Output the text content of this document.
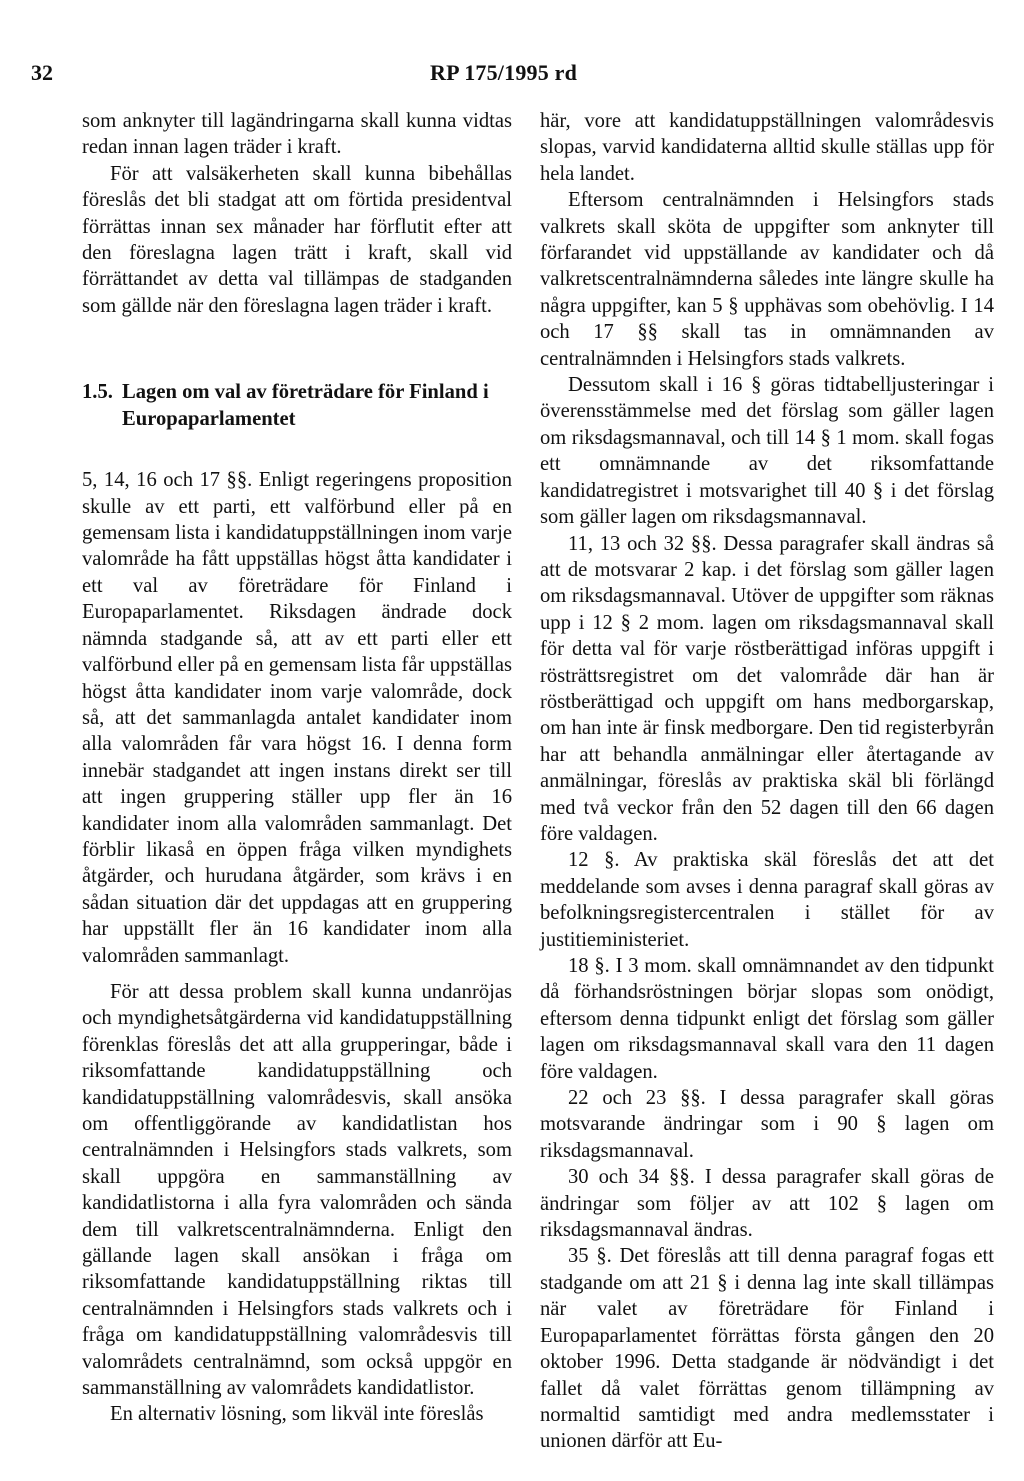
32	RP 175/1995 rd

som anknyter till lagändringarna skall kunna vidtas redan innan lagen träder i kraft.

För att valsäkerheten skall kunna bibehållas föreslås det bli stadgat att om förtida presidentval förrättas innan sex månader har förflutit efter att den föreslagna lagen trätt i kraft, skall vid förrättandet av detta val tillämpas de stadganden som gällde när den föreslagna lagen träder i kraft.

1.5. Lagen om val av företrädare för Finland i Europaparlamentet

5, 14, 16 och 17 §§. Enligt regeringens proposition skulle av ett parti, ett valförbund eller på en gemensam lista i kandidatuppställningen inom varje valområde ha fått uppställas högst åtta kandidater i ett val av företrädare för Finland i Europaparlamentet. Riksdagen ändrade dock nämnda stadgande så, att av ett parti eller ett valförbund eller på en gemensam lista får uppställas högst åtta kandidater inom varje valområde, dock så, att det sammanlagda antalet kandidater inom alla valområden får vara högst 16. I denna form innebär stadgandet att ingen instans direkt ser till att ingen gruppering ställer upp fler än 16 kandidater inom alla valområden sammanlagt. Det förblir likaså en öppen fråga vilken myndighets åtgärder, och hurudana åtgärder, som krävs i en sådan situation där det uppdagas att en gruppering har uppställt fler än 16 kandidater inom alla valområden sammanlagt.

För att dessa problem skall kunna undanröjas och myndighetsåtgärderna vid kandidatuppställning förenklas föreslås det att alla grupperingar, både i riksomfattande kandidatuppställning och kandidatuppställning valområdesvis, skall ansöka om offentliggörande av kandidatlistan hos centralnämnden i Helsingfors stads valkrets, som skall uppgöra en sammanställning av kandidatlistorna i alla fyra valområden och sända dem till valkretscentralnämnderna. Enligt den gällande lagen skall ansökan i fråga om riksomfattande kandidatuppställning riktas till centralnämnden i Helsingfors stads valkrets och i fråga om kandidatuppställning valområdesvis till valområdets centralnämnd, som också uppgör en sammanställning av valområdets kandidatlistor.

En alternativ lösning, som likväl inte föreslås

här, vore att kandidatuppställningen valområdesvis slopas, varvid kandidaterna alltid skulle ställas upp för hela landet.

Eftersom centralnämnden i Helsingfors stads valkrets skall sköta de uppgifter som anknyter till förfarandet vid uppställande av kandidater och då valkretscentralnämnderna således inte längre skulle ha några uppgifter, kan 5 § upphävas som obehövlig. I 14 och 17 §§ skall tas in omnämnanden av centralnämnden i Helsingfors stads valkrets.

Dessutom skall i 16 § göras tidtabelljusteringar i överensstämmelse med det förslag som gäller lagen om riksdagsmannaval, och till 14 § 1 mom. skall fogas ett omnämnande av det riksomfattande kandidatregistret i motsvarighet till 40 § i det förslag som gäller lagen om riksdagsmannaval.

11, 13 och 32 §§. Dessa paragrafer skall ändras så att de motsvarar 2 kap. i det förslag som gäller lagen om riksdagsmannaval. Utöver de uppgifter som räknas upp i 12 § 2 mom. lagen om riksdagsmannaval skall för detta val för varje röstberättigad införas uppgift i rösträttsregistret om det valområde där han är röstberättigad och uppgift om hans medborgarskap, om han inte är finsk medborgare. Den tid registerbyrån har att behandla anmälningar eller återtagande av anmälningar, föreslås av praktiska skäl bli förlängd med två veckor från den 52 dagen till den 66 dagen före valdagen.

12 §. Av praktiska skäl föreslås det att det meddelande som avses i denna paragraf skall göras av befolkningsregistercentralen i stället för av justitieministeriet.

18 §. I 3 mom. skall omnämnandet av den tidpunkt då förhandsröstningen börjar slopas som onödigt, eftersom denna tidpunkt enligt det förslag som gäller lagen om riksdagsmannaval skall vara den 11 dagen före valdagen.

22 och 23 §§. I dessa paragrafer skall göras motsvarande ändringar som i 90 § lagen om riksdagsmannaval.

30 och 34 §§. I dessa paragrafer skall göras de ändringar som följer av att 102 § lagen om riksdagsmannaval ändras.

35 §. Det föreslås att till denna paragraf fogas ett stadgande om att 21 § i denna lag inte skall tillämpas när valet av företrädare för Finland i Europaparlamentet förrättas första gången den 20 oktober 1996. Detta stadgande är nödvändigt i det fallet då valet förrättas genom tillämpning av normaltid samtidigt med andra medlemsstater i unionen därför att Eu-
